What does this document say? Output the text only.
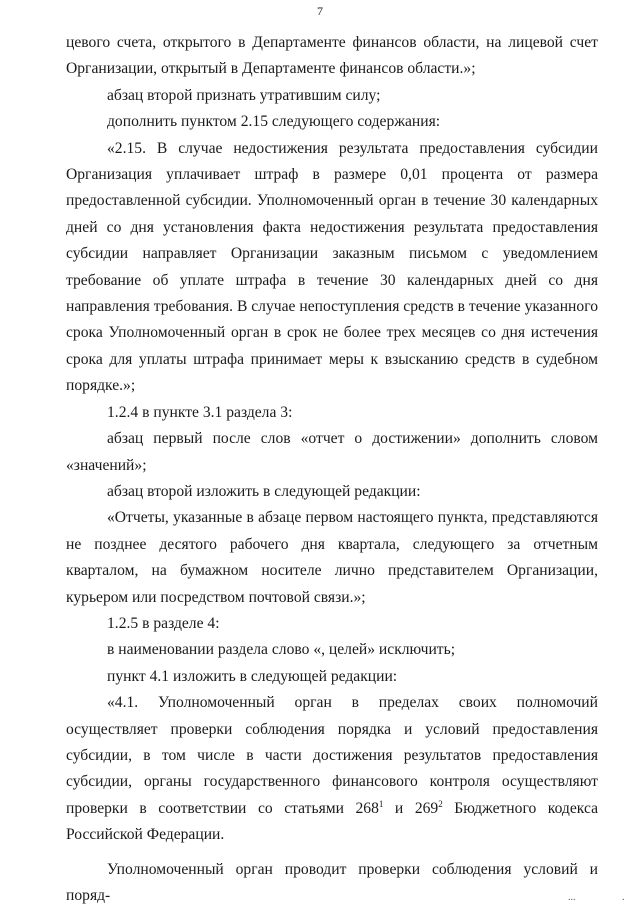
7

цевого счета, открытого в Департаменте финансов области, на лицевой счет Организации, открытый в Департаменте финансов области.»;

абзац второй признать утратившим силу;

дополнить пунктом 2.15 следующего содержания:

«2.15. В случае недостижения результата предоставления субсидии Организация уплачивает штраф в размере 0,01 процента от размера предоставленной субсидии. Уполномоченный орган в течение 30 календарных дней со дня установления факта недостижения результата предоставления субсидии направляет Организации заказным письмом с уведомлением требование об уплате штрафа в течение 30 календарных дней со дня направления требования. В случае непоступления средств в течение указанного срока Уполномоченный орган в срок не более трех месяцев со дня истечения срока для уплаты штрафа принимает меры к взысканию средств в судебном порядке.»;

1.2.4 в пункте 3.1 раздела 3:

абзац первый после слов «отчет о достижении» дополнить словом «значений»;

абзац второй изложить в следующей редакции:

«Отчеты, указанные в абзаце первом настоящего пункта, представляются не позднее десятого рабочего дня квартала, следующего за отчетным кварталом, на бумажном носителе лично представителем Организации, курьером или посредством почтовой связи.»;

1.2.5 в разделе 4:

в наименовании раздела слово «, целей» исключить;

пункт 4.1 изложить в следующей редакции:

«4.1. Уполномоченный орган в пределах своих полномочий осуществляет проверки соблюдения порядка и условий предоставления субсидии, в том числе в части достижения результатов предоставления субсидии, органы государственного финансового контроля осуществляют проверки в соответствии со статьями $268^1$ и $269^2$ Бюджетного кодекса Российской Федерации.

Уполномоченный орган проводит проверки соблюдения условий и поряд-	...	.
